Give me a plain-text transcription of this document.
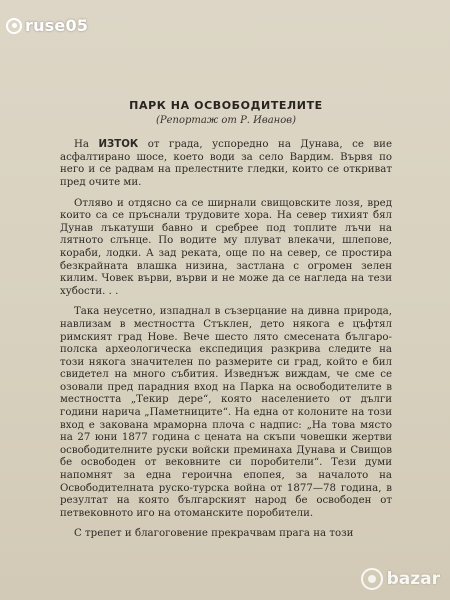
ruse05
ПАРК НА ОСВОБОДИТЕЛИТЕ
(Репортаж от Р. Иванов)

На ИЗТОК от града, успоредно на Дунава, се вие асфалтирано шосе, което води за село Вардим. Вървя по него и се радвам на прелестните гледки, които се откриват пред очите ми.

Отляво и отдясно са се ширнали свищовските лозя, вред които са се пръснали трудовите хора. На север тихият бял Дунав лъкатуши бавно и сребрее под топлите лъчи на лятното слънце. По водите му плуват влекачи, шлепове, кораби, лодки. А зад реката, още по на север, се простира безкрайната влашка низина, застлана с огромен зелен килим. Човек върви, върви и не може да се нагледа на тези хубости. . .

Така неусетно, изпаднал в съзерцание на дивна природа, навлизам в местността Стъклен, дето някога е цъфтял римският град Нове. Вече шесто лято смесената българо-полска археологическа експедиция разкрива следите на този някога значителен по размерите си град, който е бил свидетел на много събития. Изведнъж виждам, че сме се озовали пред парадния вход на Парка на освободителите в местността „Текир дере“, която населението от дълги години нарича „Паметниците“. На една от колоните на този вход е закована мраморна плоча с надпис: „На това място на 27 юни 1877 година с цената на скъпи човешки жертви освободителните руски войски преминаха Дунава и Свищов бе освободен от вековните си поробители“. Тези думи напомнят за една героична епопея, за началото на Освободителната руско-турска война от 1877—78 година, в резултат на която българският народ бе освободен от петвековното иго на отоманските поробители.

С трепет и благоговение прекрачвам прага на този

bazar
